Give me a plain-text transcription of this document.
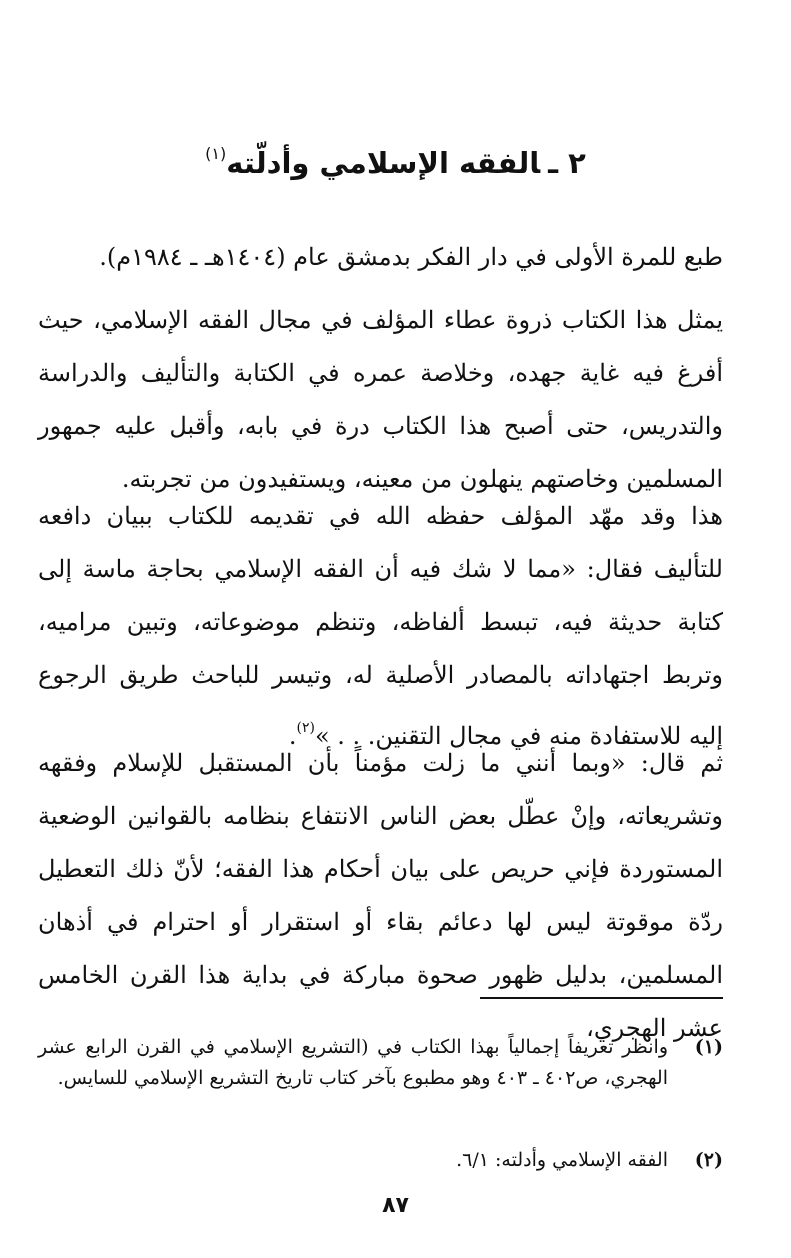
٢ ـالفقه الإسلامي وأدلّته$^{(١)}$
طبع للمرة الأولى في دار الفكر بدمشق عام (١٤٠٤هـ ـ ١٩٨٤م).
يمثل هذا الكتاب ذروة عطاء المؤلف في مجال الفقه الإسلامي، حيث أفرغ فيه غاية جهده، وخلاصة عمره في الكتابة والتأليف والدراسة والتدريس، حتى أصبح هذا الكتاب درة في بابه، وأقبل عليه جمهور المسلمين وخاصتهم ينهلون من معينه، ويستفيدون من تجربته.
هذا وقد مهّد المؤلف حفظه الله في تقديمه للكتاب ببيان دافعه للتأليف فقال: «مما لا شك فيه أن الفقه الإسلامي بحاجة ماسة إلى كتابة حديثة فيه، تبسط ألفاظه، وتنظم موضوعاته، وتبين مراميه، وتربط اجتهاداته بالمصادر الأصلية له، وتيسر للباحث طريق الرجوع إليه للاستفادة منه في مجال التقنين. . . »$^{(٢)}$.
ثم قال: «وبما أنني ما زلت مؤمناً بأن المستقبل للإسلام وفقهه وتشريعاته، وإنْ عطّل بعض الناس الانتفاع بنظامه بالقوانين الوضعية المستوردة فإني حريص على بيان أحكام هذا الفقه؛ لأنّ ذلك التعطيل ردّة موقوتة ليس لها دعائم بقاء أو استقرار أو احترام في أذهان المسلمين، بدليل ظهور صحوة مباركة في بداية هذا القرن الخامس عشر الهجري،
(١)
وانظر تعريفاً إجمالياً بهذا الكتاب في (التشريع الإسلامي في القرن الرابع عشر الهجري، ص٤٠٢ ـ ٤٠٣ وهو مطبوع بآخر كتاب تاريخ التشريع الإسلامي للسايس.
(٢)
الفقه الإسلامي وأدلته: ٦/١.
٨٧
